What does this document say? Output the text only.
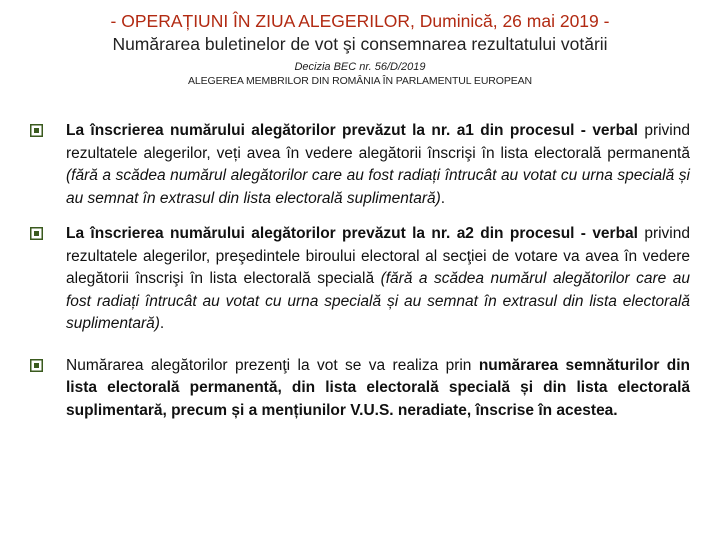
- OPERAȚIUNI ÎN ZIUA ALEGERILOR, Duminică, 26 mai 2019 -
Numărarea buletinelor de vot şi consemnarea rezultatului votării
Decizia BEC nr. 56/D/2019
ALEGEREA MEMBRILOR DIN ROMÂNIA ÎN PARLAMENTUL EUROPEAN
La înscrierea numărului alegătorilor prevăzut la nr. a1 din procesul - verbal privind rezultatele alegerilor, veți avea în vedere alegătorii înscrişi în lista electorală permanentă (fără a scădea numărul alegătorilor care au fost radiați întrucât au votat cu urna specială și au semnat în extrasul din lista electorală suplimentară).
La înscrierea numărului alegătorilor prevăzut la nr. a2 din procesul - verbal privind rezultatele alegerilor, preşedintele biroului electoral al secţiei de votare va avea în vedere alegătorii înscrişi în lista electorală specială (fără a scădea numărul alegătorilor care au fost radiați întrucât au votat cu urna specială și au semnat în extrasul din lista electorală suplimentară).
Numărarea alegătorilor prezenţi la vot se va realiza prin numărarea semnăturilor din lista electorală permanentă, din lista electorală specială și din lista electorală suplimentară, precum și a mențiunilor V.U.S. neradiate, înscrise în acestea.
